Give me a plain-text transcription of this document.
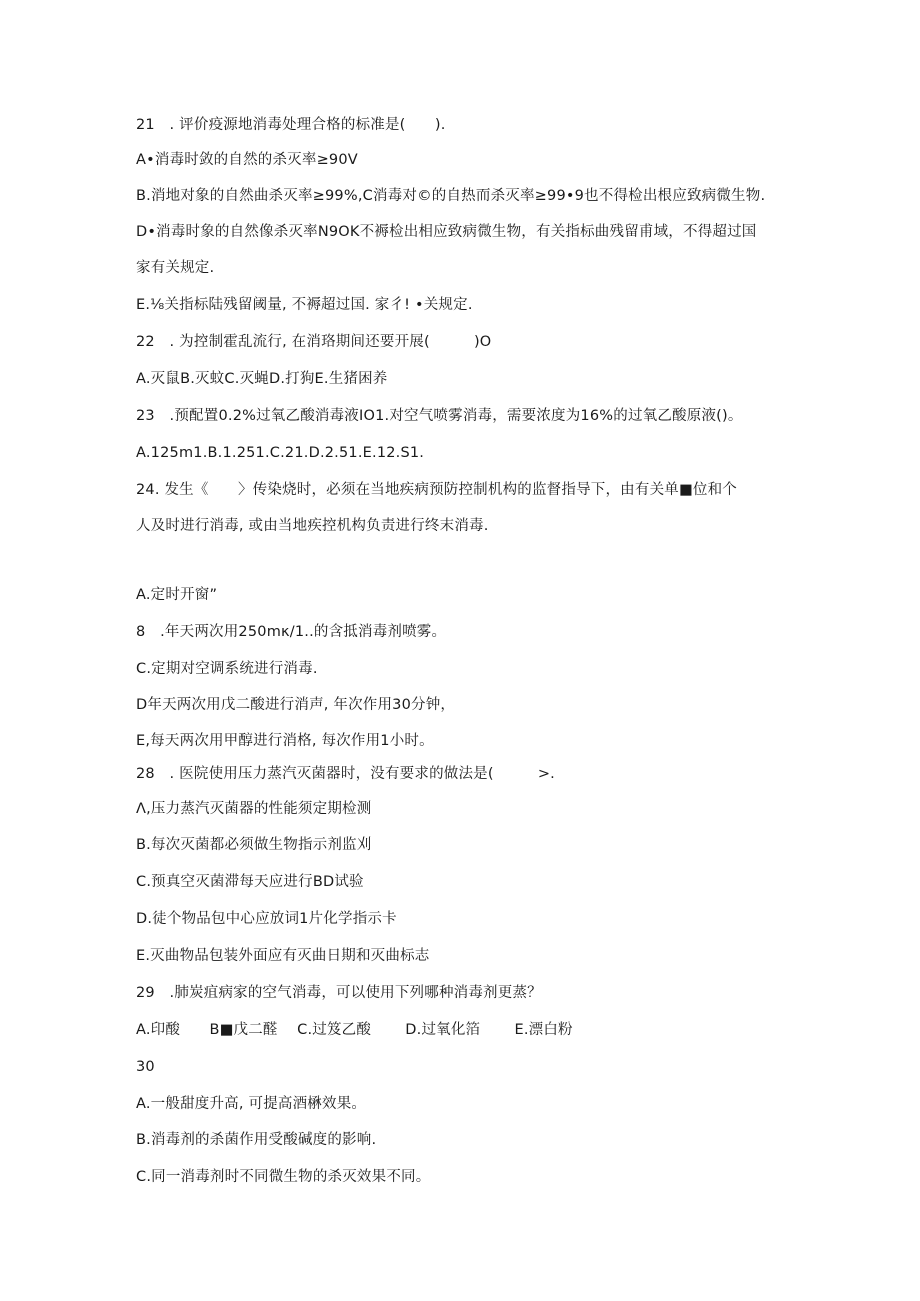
21　. 评价疫源地消毒处理合格的标准是(　　).
A•消毒时敛的自然的杀灭率≥90V
B.消地对象的自然曲杀灭率≥99%,C消毒对©的自热而杀灭率≥99•9也不得检出根应致病微生物.
D•消毒时象的自然像杀灭率N9OK不褥检出相应致病微生物，有关指标曲残留甫域，不得超过国
家有关规定.
E.⅛关指标陆残留阈量, 不褥超过国. 家彳! •关规定.
22　. 为控制霍乱流行, 在消珞期间还要开展(　　　)O
A.灭鼠B.灭蚊C.灭蝇D.打狗E.生猪困养
23　.预配置0.2%过氧乙酸消毒液IO1.对空气喷雾消毒，需要浓度为16%的过氧乙酸原液()。
A.125m1.B.1.251.C.21.D.2.51.E.12.S1.
24. 发生《　　〉传染烧时，必须在当地疾病预防控制机构的监督指导下，由有关单■位和个
人及时进行消毒, 或由当地疾控机构负责进行终末消毒.
A.定时开窗”
8　.年天两次用250mκ/1..的含抵消毒剂喷雾。
C.定期对空调系统进行消毒.
D年天两次用戊二酸进行消声, 年次作用30分钟，
E,每天两次用甲醇进行消格, 每次作用1小时。
28　. 医院使用压力蒸汽灭菌器时，没有要求的做法是(　　　>.
Λ,压力蒸汽灭菌器的性能须定期检测
B.每次灭菌都必须做生物指示剂监刈
C.预真空灭菌滞每天应进行BD试验
D.徒个物品包中心应放词1片化学指示卡
E.灭曲物品包装外面应有灭曲日期和灭曲标志
29　.肺炭疽病家的空气消毒，可以使用下列哪种消毒剂更蒸？
A.印酸　　B■戊二醛　 C.过笈乙酸　　 D.过氧化箔　　 E.漂白粉
30
A.一般甜度升高, 可提高酒楙效果。
B.消毒剂的杀菌作用受酸碱度的影响.
C.同一消毒剂时不同微生物的杀灭效果不同。
